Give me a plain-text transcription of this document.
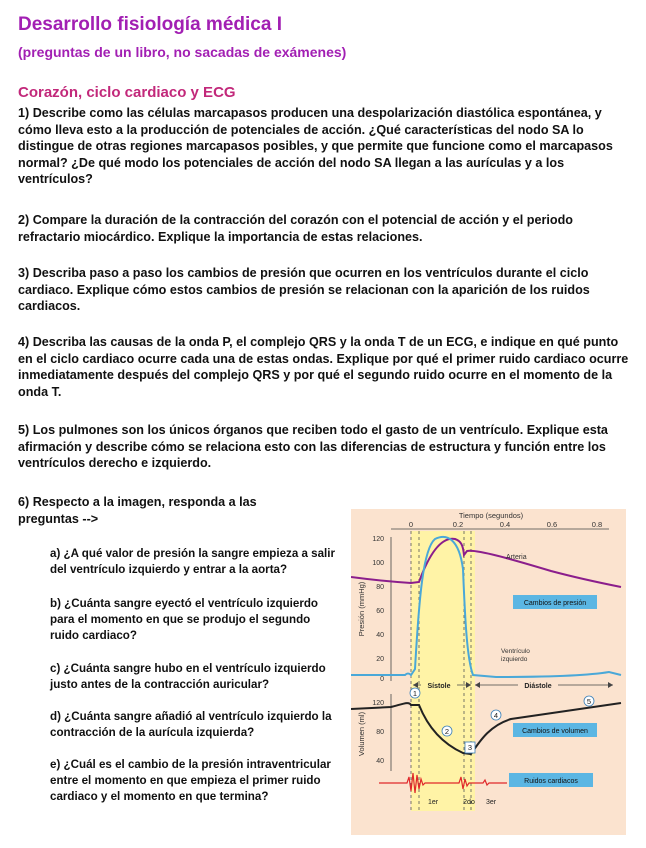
Desarrollo fisiología médica I
(preguntas de un libro, no sacadas de exámenes)
Corazón, ciclo cardiaco y ECG
1) Describe como las células marcapasos producen una despolarización diastólica espontánea, y cómo lleva esto a la producción de potenciales de acción. ¿Qué características del nodo SA lo distingue de otras regiones marcapasos posibles, y que permite que funcione como el marcapasos normal? ¿De qué modo los potenciales de acción del nodo SA llegan a las aurículas y a los ventrículos?
2) Compare la duración de la contracción del corazón con el potencial de acción y el periodo refractario miocárdico. Explique la importancia de estas relaciones.
3) Describa paso a paso los cambios de presión que ocurren en los ventrículos durante el ciclo cardiaco. Explique cómo estos cambios de presión se relacionan con la aparición de los ruidos cardiacos.
4) Describa las causas de la onda P, el complejo QRS y la onda T de un ECG, e indique en qué punto en el ciclo cardiaco ocurre cada una de estas ondas. Explique por qué el primer ruido cardiaco ocurre inmediatamente después del complejo QRS y por qué el segundo ruido ocurre en el momento de la onda T.
5) Los pulmones son los únicos órganos que reciben todo el gasto de un ventrículo. Explique esta afirmación y describe cómo se relaciona esto con las diferencias de estructura y función entre los ventrículos derecho e izquierdo.
6) Respecto a la imagen, responda a las preguntas -->
a) ¿A qué valor de presión la sangre empieza a salir del ventrículo izquierdo y entrar a la aorta?
b) ¿Cuánta sangre eyectó el ventrículo izquierdo para el momento en que se produjo el segundo ruido cardiaco?
c) ¿Cuánta sangre hubo en el ventrículo izquierdo justo antes de la contracción auricular?
d) ¿Cuánta sangre añadió al ventrículo izquierdo la contracción de la aurícula izquierda?
e) ¿Cuál es el cambio de la presión intraventricular entre el momento en que empieza el primer ruido cardiaco y el momento en que termina?
Tiempo (segundos)
0	0.2	0.4	0.6	0.8
120
100
80
60
40
20
0
Presión (mmHg)
Arteria
Ventrículo
izquierdo
Cambios de presión
Sístole	Diástole
120
80
40
Volumen (ml)	Cambios de volumen
1
2
3
4
5
Ruidos cardiacos
1er	2do 3er
